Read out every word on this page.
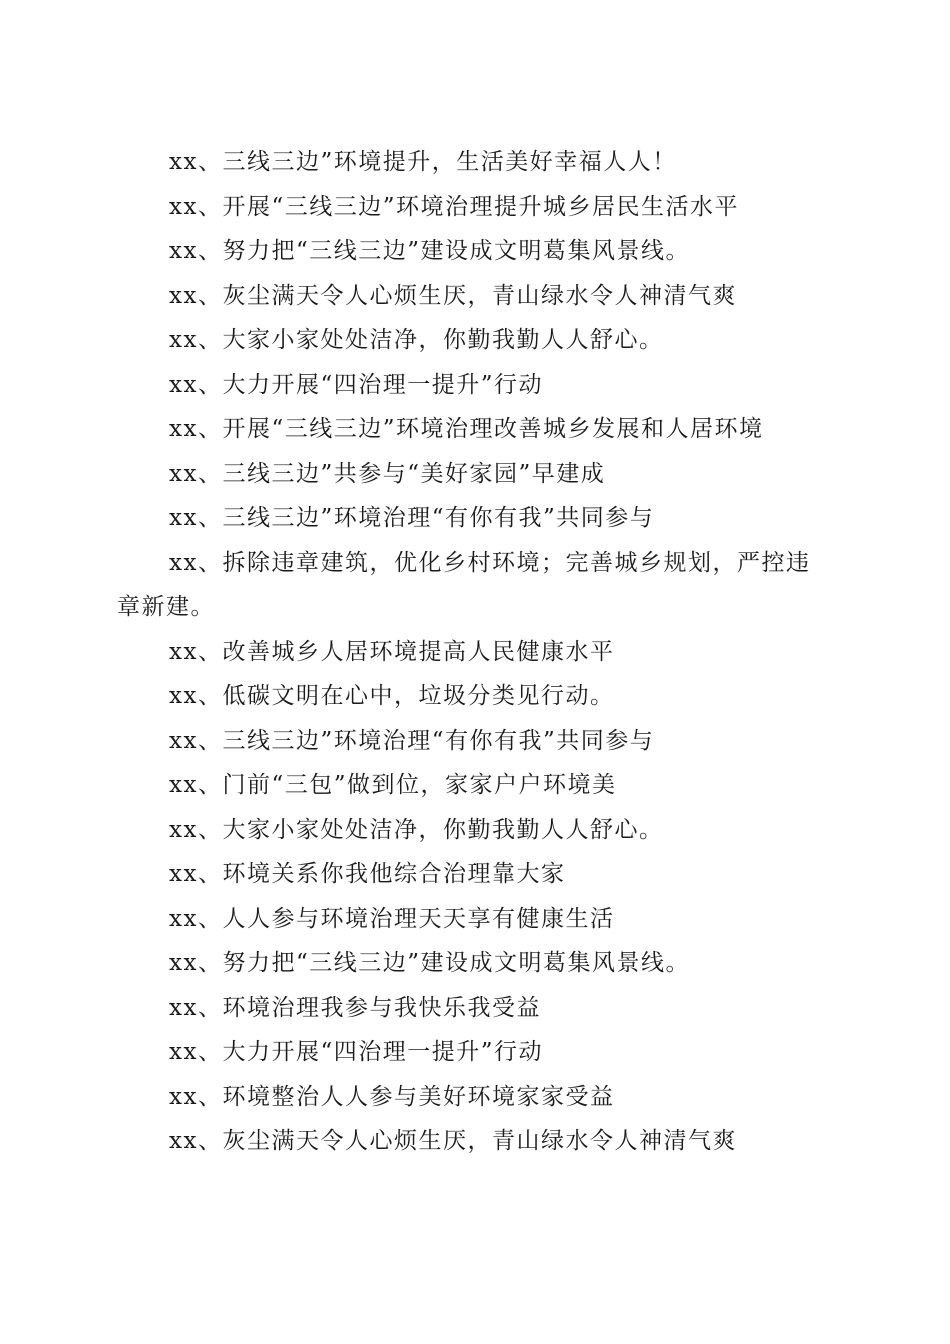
xx、三线三边”环境提升，生活美好幸福人人！

xx、开展“三线三边”环境治理提升城乡居民生活水平

xx、努力把“三线三边”建设成文明葛集风景线。

xx、灰尘满天令人心烦生厌，青山绿水令人神清气爽

xx、大家小家处处洁净，你勤我勤人人舒心。

xx、大力开展“四治理一提升”行动

xx、开展“三线三边”环境治理改善城乡发展和人居环境

xx、三线三边”共参与“美好家园”早建成

xx、三线三边”环境治理“有你有我”共同参与

xx、拆除违章建筑，优化乡村环境；完善城乡规划，严控违章新建。

xx、改善城乡人居环境提高人民健康水平

xx、低碳文明在心中，垃圾分类见行动。

xx、三线三边”环境治理“有你有我”共同参与

xx、门前“三包”做到位，家家户户环境美

xx、大家小家处处洁净，你勤我勤人人舒心。

xx、环境关系你我他综合治理靠大家

xx、人人参与环境治理天天享有健康生活

xx、努力把“三线三边”建设成文明葛集风景线。

xx、环境治理我参与我快乐我受益

xx、大力开展“四治理一提升”行动

xx、环境整治人人参与美好环境家家受益

xx、灰尘满天令人心烦生厌，青山绿水令人神清气爽
